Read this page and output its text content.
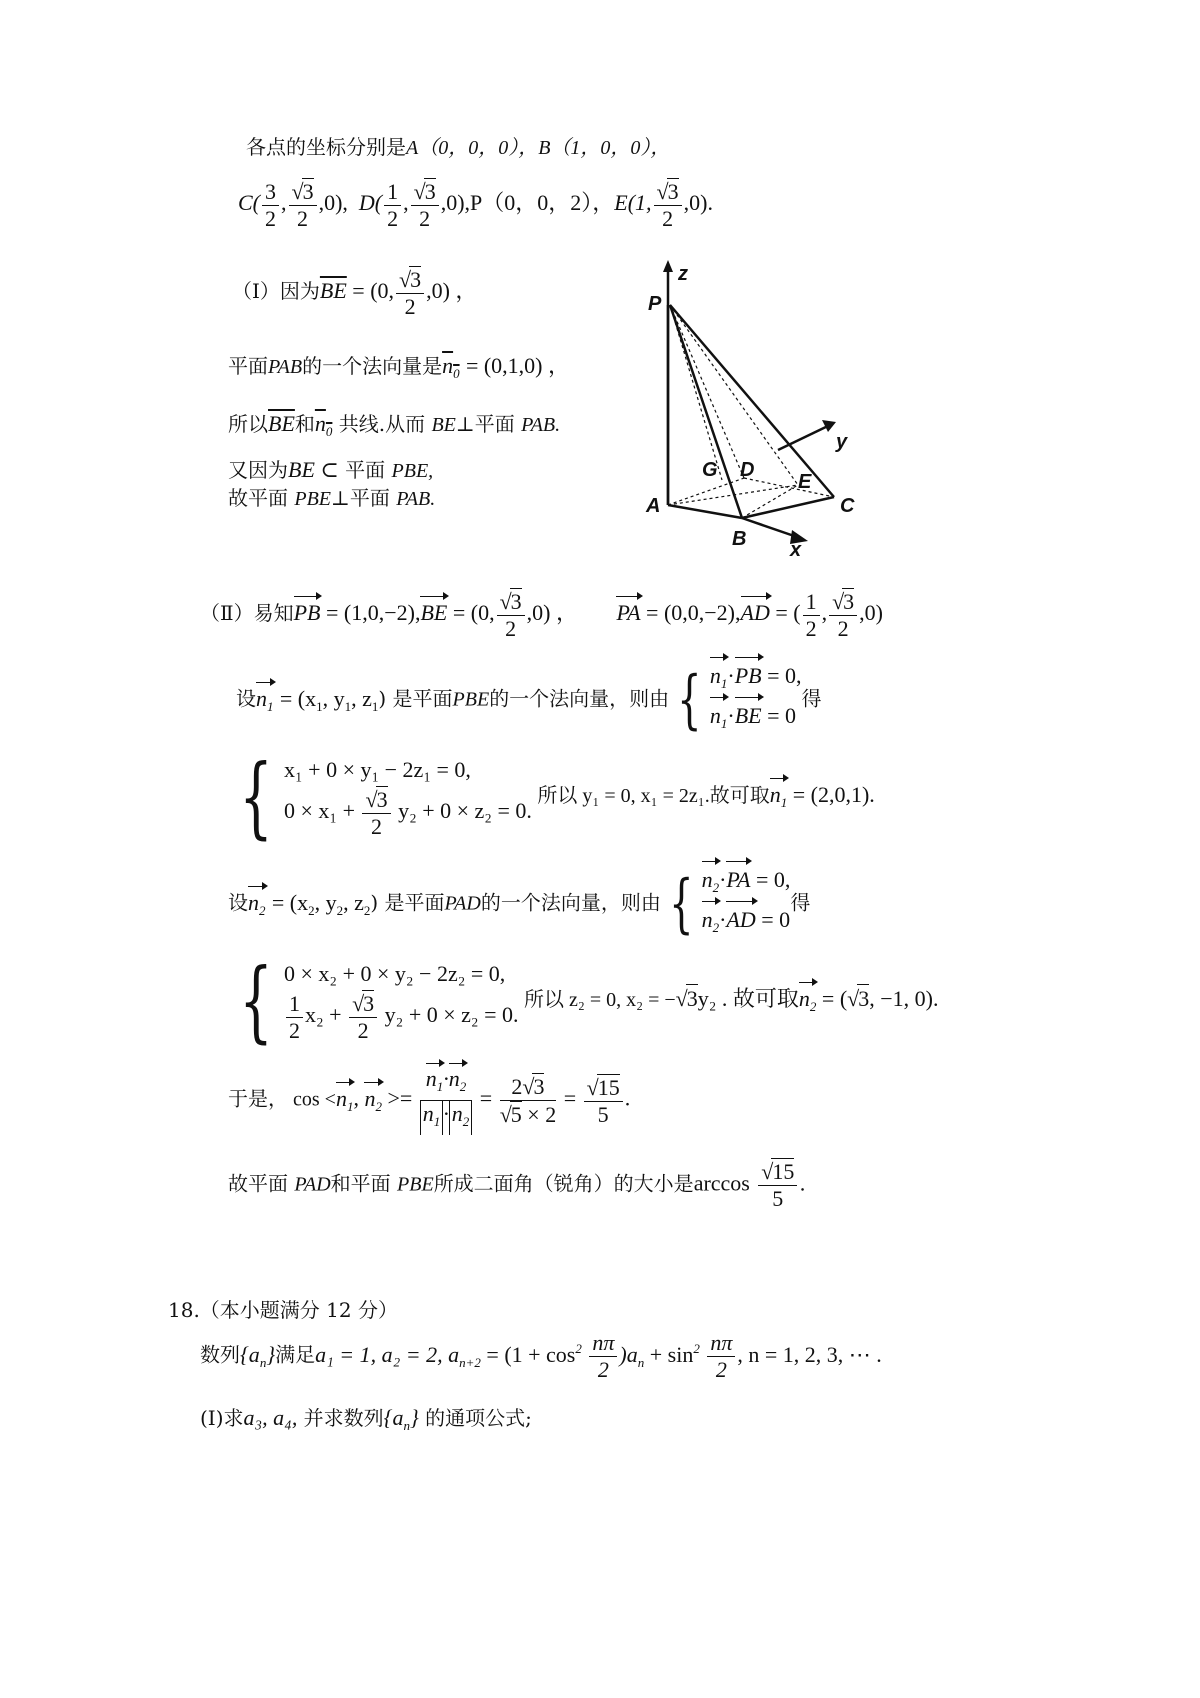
各点的坐标分别是A（0，0，0），B（1，0，0），
$C( \frac{3}{2}$ , $\frac{√3}{2} ,0$), $D( \frac{1}{2}$ , $\frac{√3}{2} ,0),P(0$，0，2），E(1, $\frac{√3}{2} ,0$).
（Ⅰ）因为$\overline{BE} = (0$, $\frac{√3}{2} ,0$) ，
平面PAB的一个法向量是$n_0 = (0,1,0)$ ，
所以$\overline{BE}$和$n_0$ 共线.从而 BE⊥平面 PAB.
又因为BE ⊂ 平面 PBE,
故平面 PBE⊥平面 PAB.
z
P
y
G D
E
A	C
B x
（Ⅱ）易知PB = (1,0,−2),BE = (0, $\frac{√3}{2} ,0$) ， PA = (0,0,−2),AD = ( $\frac{1}{2}$ , $\frac{√3}{2} ,0$)
设$n_1 = (x_1$, $y_1$, $z_1$) 是平面PBE的一个法向量，则由 { $n_1\cdot PB = 0$,
$n_1\cdot BE = 0$
得
{ x₁ + 0 × y₁ − 2z₁ = 0,
$0 \times x_1 + \frac{√3}{2} y_2 + 0 \times z_2 = 0$.
所以 y₁ = 0, x₁ = 2z₁.故可取$n_1 = (2,0,1)$.
设$n_2 = (x_2$, $y_2$, $z_2$) 是平面PAD的一个法向量，则由 { $n_2\cdot PA = 0$,
$n_2\cdot AD = 0$
得
{ 0 × x₂ + 0 × y₂ − 2z₂ = 0,
$\frac{1}{2} x_2 + \frac{√3}{2} y_2 + 0 \times z_2 = 0$.
所以 z₂ = 0, x₂ = −√3y₂ . 故可取$n_2 = (√3$, −1, 0).
于是， $\cos <n_1$, $n_2 >= \frac{n_1\cdot n_2}{n_1 \cdot n_2} = \frac{2√3}{√5 \times 2} = \frac{√15}{5}$ .
故平面 PAD和平面 PBE所成二面角（锐角）的大小是$\arccos \frac{√15}{5}$ .
18.（本小题满分 12 分）
数列$\{a_n\}$满足a₁ = 1, a₂ = 2, $a_{n+2} = (1 + \cos^2 \frac{n\pi}{2} )a_n + \sin^2 \frac{n\pi}{2}$ , n = 1, 2, 3, ⋯ .
(Ⅰ)求a₃, a₄, 并求数列$\{a_n\}$ 的通项公式;
